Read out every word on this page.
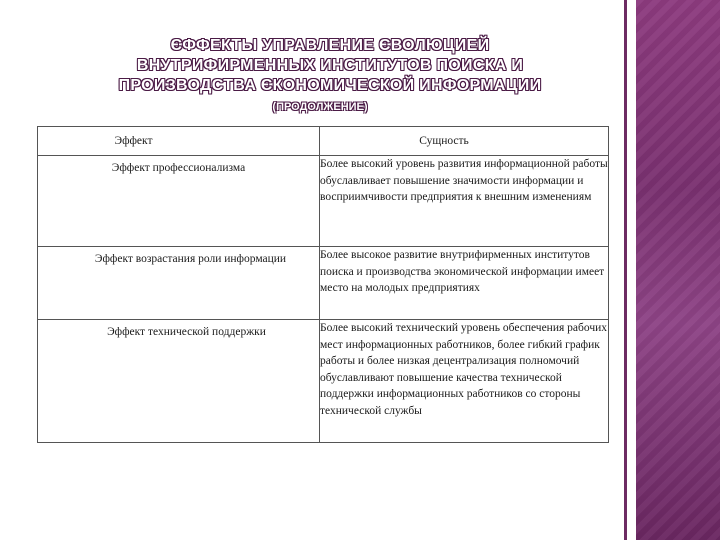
ЄФФЕКТЫ УПРАВЛЕНИЕ ЄВОЛЮЦИЕЙ
ВНУТРИФИРМЕННЫХ ИНСТИТУТОВ ПОИСКА И
ПРОИЗВОДСТВА ЄКОНОМИЧЕСКОЙ ИНФОРМАЦИИ
(ПРОДОЛЖЕНИЕ)
Эффект	Сущность
Эффект профессионализма	Более высокий уровень развития информационной работы обуславливает повышение значимости информации и восприимчивости предприятия к внешним изменениям
Эффект возрастания роли информации	Более высокое развитие внутрифирменных институтов поиска и производства экономической информации имеет место на молодых предприятиях
Эффект технической поддержки	Более высокий технический уровень обеспечения рабочих мест информационных работников, более гибкий график работы и более низкая децентрализация полномочий обуславливают повышение качества технической поддержки информационных работников со стороны технической службы
